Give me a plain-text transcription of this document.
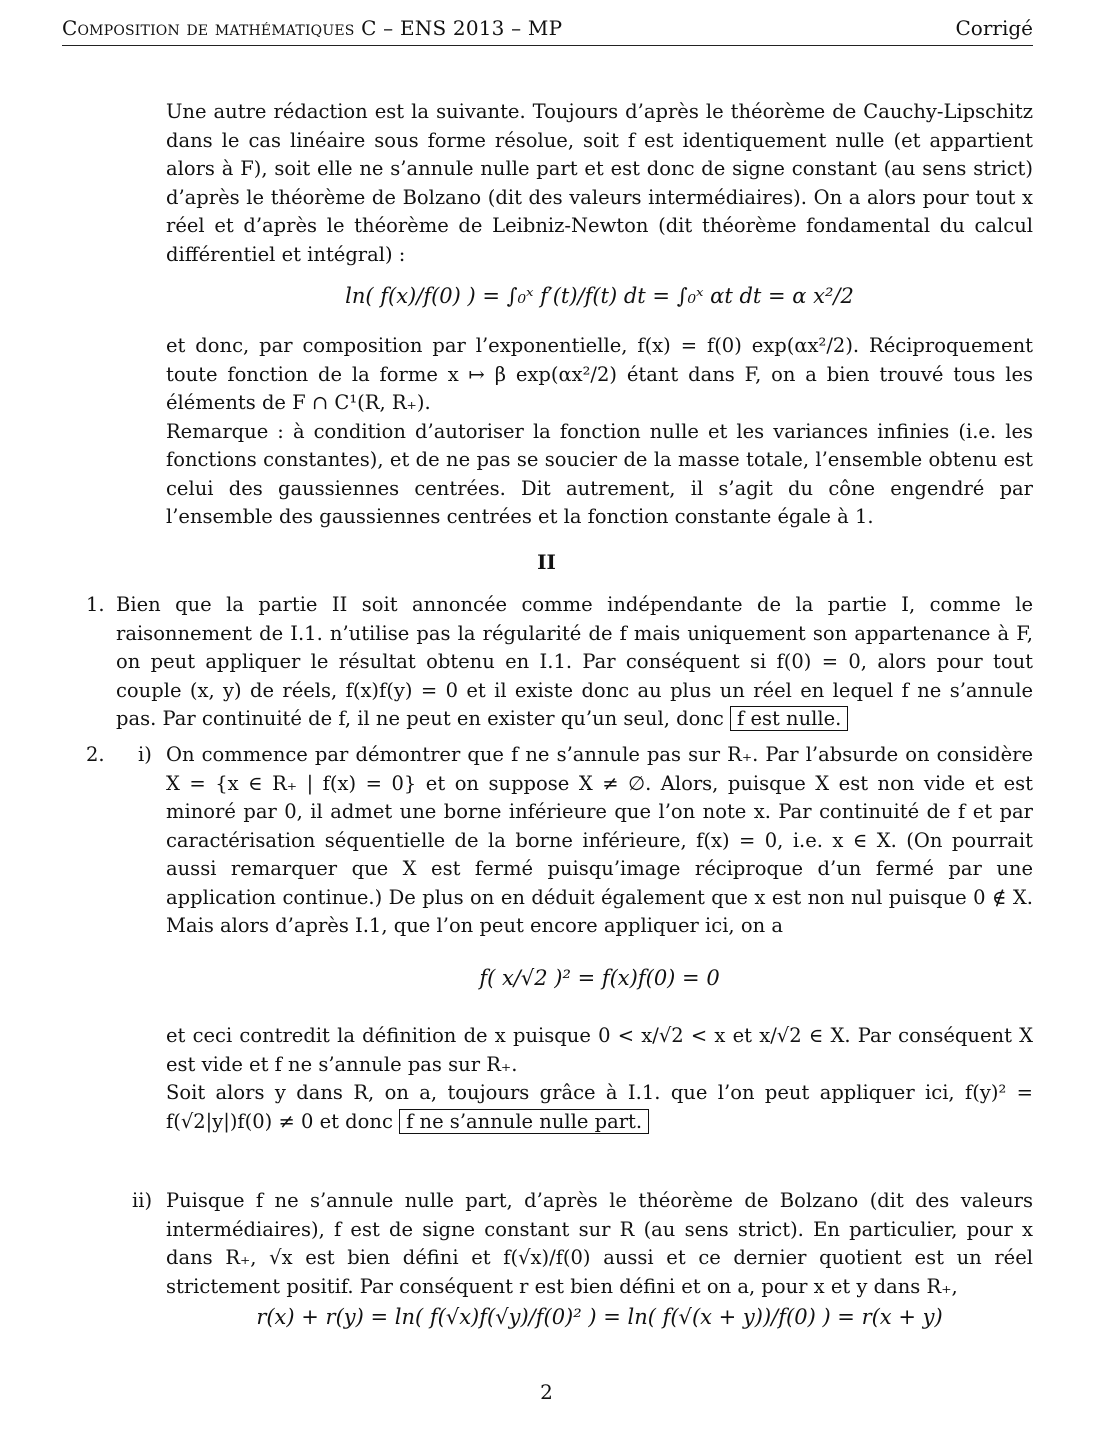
Composition de mathématiques C – ENS 2013 – MP	Corrigé

Une autre rédaction est la suivante. Toujours d’après le théorème de Cauchy-Lipschitz dans le cas linéaire sous forme résolue, soit f est identiquement nulle (et appartient alors à F), soit elle ne s’annule nulle part et est donc de signe constant (au sens strict) d’après le théorème de Bolzano (dit des valeurs intermédiaires). On a alors pour tout x réel et d’après le théorème de Leibniz-Newton (dit théorème fondamental du calcul différentiel et intégral) :

ln( f(x)/f(0) ) = ∫₀ˣ f′(t)/f(t) dt = ∫₀ˣ αt dt = α x²/2

et donc, par composition par l’exponentielle, f(x) = f(0) exp(αx²/2). Réciproquement toute fonction de la forme x ↦ β exp(αx²/2) étant dans F, on a bien trouvé tous les éléments de F ∩ C¹(R, R₊).

Remarque : à condition d’autoriser la fonction nulle et les variances infinies (i.e. les fonctions constantes), et de ne pas se soucier de la masse totale, l’ensemble obtenu est celui des gaussiennes centrées. Dit autrement, il s’agit du cône engendré par l’ensemble des gaussiennes centrées et la fonction constante égale à 1.

II
1. Bien que la partie II soit annoncée comme indépendante de la partie I, comme le raisonnement de I.1. n’utilise pas la régularité de f mais uniquement son appartenance à F, on peut appliquer le résultat obtenu en I.1. Par conséquent si f(0) = 0, alors pour tout couple (x, y) de réels, f(x)f(y) = 0 et il existe donc au plus un réel en lequel f ne s’annule pas. Par continuité de f, il ne peut en exister qu’un seul, donc f est nulle.

2. i) On commence par démontrer que f ne s’annule pas sur R₊. Par l’absurde on considère X = {x ∈ R₊ | f(x) = 0} et on suppose X ≠ ∅. Alors, puisque X est non vide et est minoré par 0, il admet une borne inférieure que l’on note x. Par continuité de f et par caractérisation séquentielle de la borne inférieure, f(x) = 0, i.e. x ∈ X. (On pourrait aussi remarquer que X est fermé puisqu’image réciproque d’un fermé par une application continue.) De plus on en déduit également que x est non nul puisque 0 ∉ X. Mais alors d’après I.1, que l’on peut encore appliquer ici, on a

f( x/√2 )² = f(x)f(0) = 0

et ceci contredit la définition de x puisque 0 < x/√2 < x et x/√2 ∈ X. Par conséquent X est vide et f ne s’annule pas sur R₊.

Soit alors y dans R, on a, toujours grâce à I.1. que l’on peut appliquer ici, f(y)² = f(√2|y|)f(0) ≠ 0 et donc f ne s’annule nulle part.

ii) Puisque f ne s’annule nulle part, d’après le théorème de Bolzano (dit des valeurs intermédiaires), f est de signe constant sur R (au sens strict). En particulier, pour x dans R₊, √x est bien défini et f(√x)/f(0) aussi et ce dernier quotient est un réel strictement positif. Par conséquent r est bien défini et on a, pour x et y dans R₊,

r(x) + r(y) = ln( f(√x)f(√y)/f(0)² ) = ln( f(√(x + y))/f(0) ) = r(x + y)
2
